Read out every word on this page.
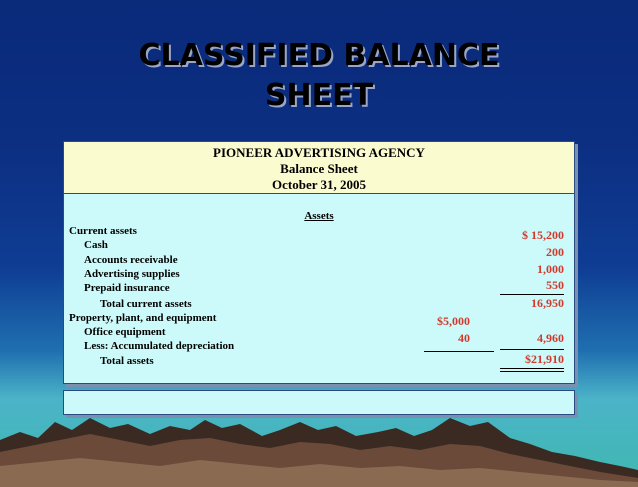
CLASSIFIED BALANCE
SHEET
PIONEER ADVERTISING AGENCY
Balance Sheet
October 31, 2005
Assets
Current assets
Cash
Accounts receivable
Advertising supplies
Prepaid insurance
Total current assets
Property, plant, and equipment
Office equipment
Less: Accumulated depreciation
Total assets
$ 15,200
200
1,000
550
16,950
$5,000
40	4,960
$21,910
